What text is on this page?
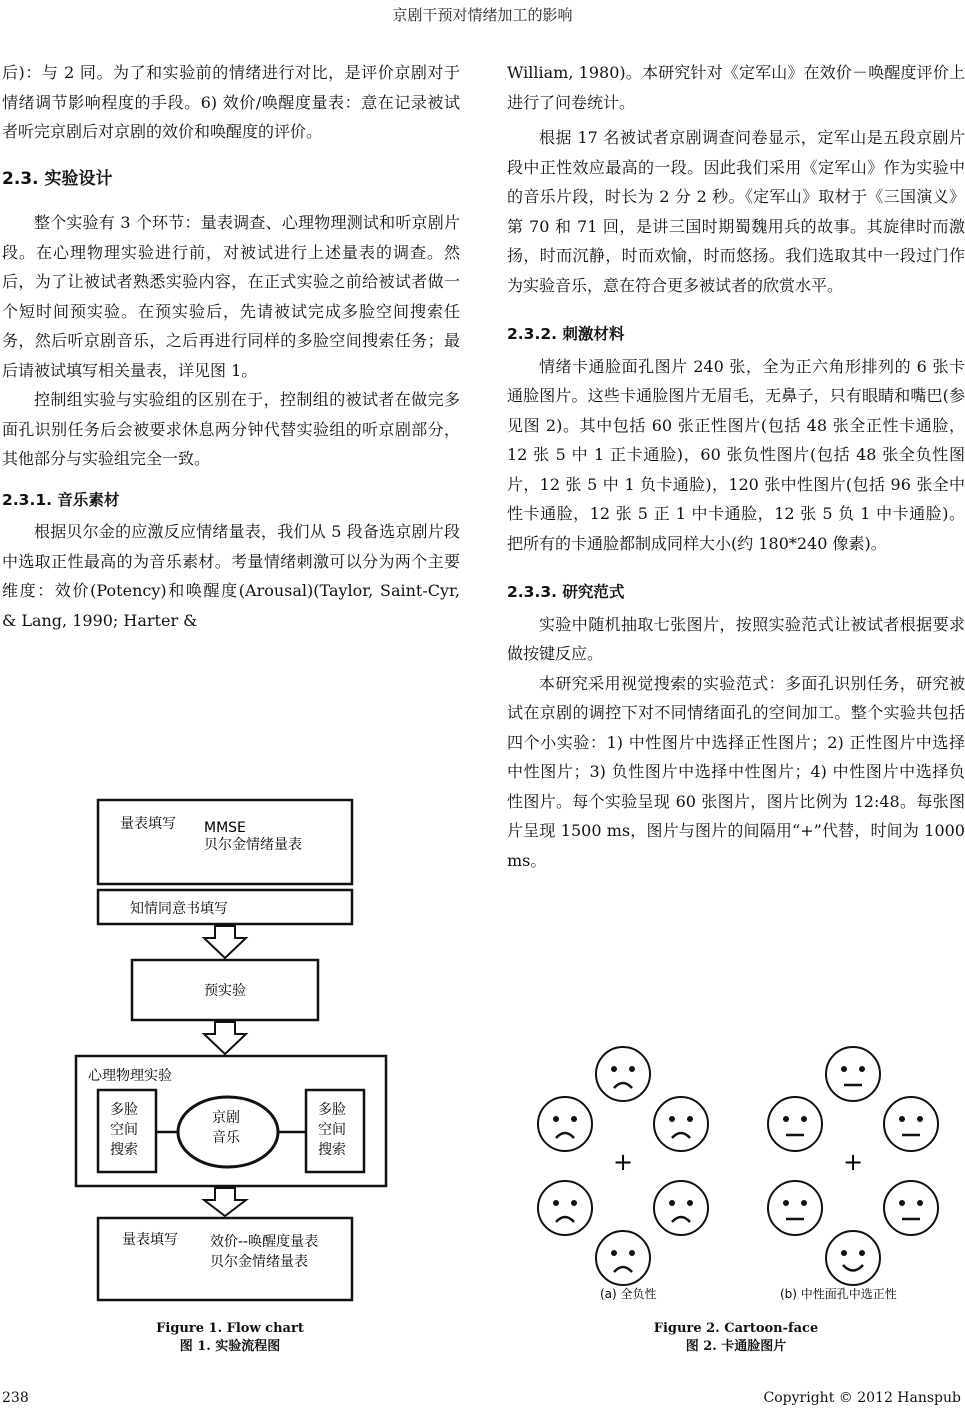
京剧干预对情绪加工的影响

后)：与 2 同。为了和实验前的情绪进行对比，是评价京剧对于情绪调节影响程度的手段。6) 效价/唤醒度量表：意在记录被试者听完京剧后对京剧的效价和唤醒度的评价。

2.3. 实验设计

整个实验有 3 个环节：量表调查、心理物理测试和听京剧片段。在心理物理实验进行前，对被试进行上述量表的调查。然后，为了让被试者熟悉实验内容，在正式实验之前给被试者做一个短时间预实验。在预实验后，先请被试完成多脸空间搜索任务，然后听京剧音乐，之后再进行同样的多脸空间搜索任务；最后请被试填写相关量表，详见图 1。

控制组实验与实验组的区别在于，控制组的被试者在做完多面孔识别任务后会被要求休息两分钟代替实验组的听京剧部分，其他部分与实验组完全一致。

2.3.1. 音乐素材

根据贝尔金的应激反应情绪量表，我们从 5 段备选京剧片段中选取正性最高的为音乐素材。考量情绪刺激可以分为两个主要维度：效价(Potency)和唤醒度(Arousal)(Taylor, Saint-Cyr, & Lang, 1990; Harter &

William, 1980)。本研究针对《定军山》在效价－唤醒度评价上进行了问卷统计。

根据 17 名被试者京剧调查问卷显示，定军山是五段京剧片段中正性效应最高的一段。因此我们采用《定军山》作为实验中的音乐片段，时长为 2 分 2 秒。《定军山》取材于《三国演义》第 70 和 71 回，是讲三国时期蜀魏用兵的故事。其旋律时而激扬，时而沉静，时而欢愉，时而悠扬。我们选取其中一段过门作为实验音乐，意在符合更多被试者的欣赏水平。

2.3.2. 刺激材料

情绪卡通脸面孔图片 240 张，全为正六角形排列的 6 张卡通脸图片。这些卡通脸图片无眉毛，无鼻子，只有眼睛和嘴巴(参见图 2)。其中包括 60 张正性图片(包括 48 张全正性卡通脸，12 张 5 中 1 正卡通脸)，60 张负性图片(包括 48 张全负性图片，12 张 5 中 1 负卡通脸)，120 张中性图片(包括 96 张全中性卡通脸，12 张 5 正 1 中卡通脸，12 张 5 负 1 中卡通脸)。把所有的卡通脸都制成同样大小(约 180*240 像素)。

2.3.3. 研究范式

实验中随机抽取七张图片，按照实验范式让被试者根据要求做按键反应。

本研究采用视觉搜索的实验范式：多面孔识别任务，研究被试在京剧的调控下对不同情绪面孔的空间加工。整个实验共包括四个小实验：1) 中性图片中选择正性图片；2) 正性图片中选择中性图片；3) 负性图片中选择中性图片；4) 中性图片中选择负性图片。每个实验呈现 60 张图片，图片比例为 12:48。每张图片呈现 1500 ms，图片与图片的间隔用“+”代替，时间为 1000 ms。

量表填写 MMSE
贝尔金情绪量表
知情同意书填写
预实验
心理物理实验
多脸
空间
搜索
京剧
音乐
多脸
空间
搜索
量表填写 效价--唤醒度量表
贝尔金情绪量表
+	+
(a) 全负性	(b) 中性面孔中选正性
Figure 1. Flow chart
图 1. 实验流程图
Figure 2. Cartoon-face
图 2. 卡通脸图片
238	Copyright © 2012 Hanspub
